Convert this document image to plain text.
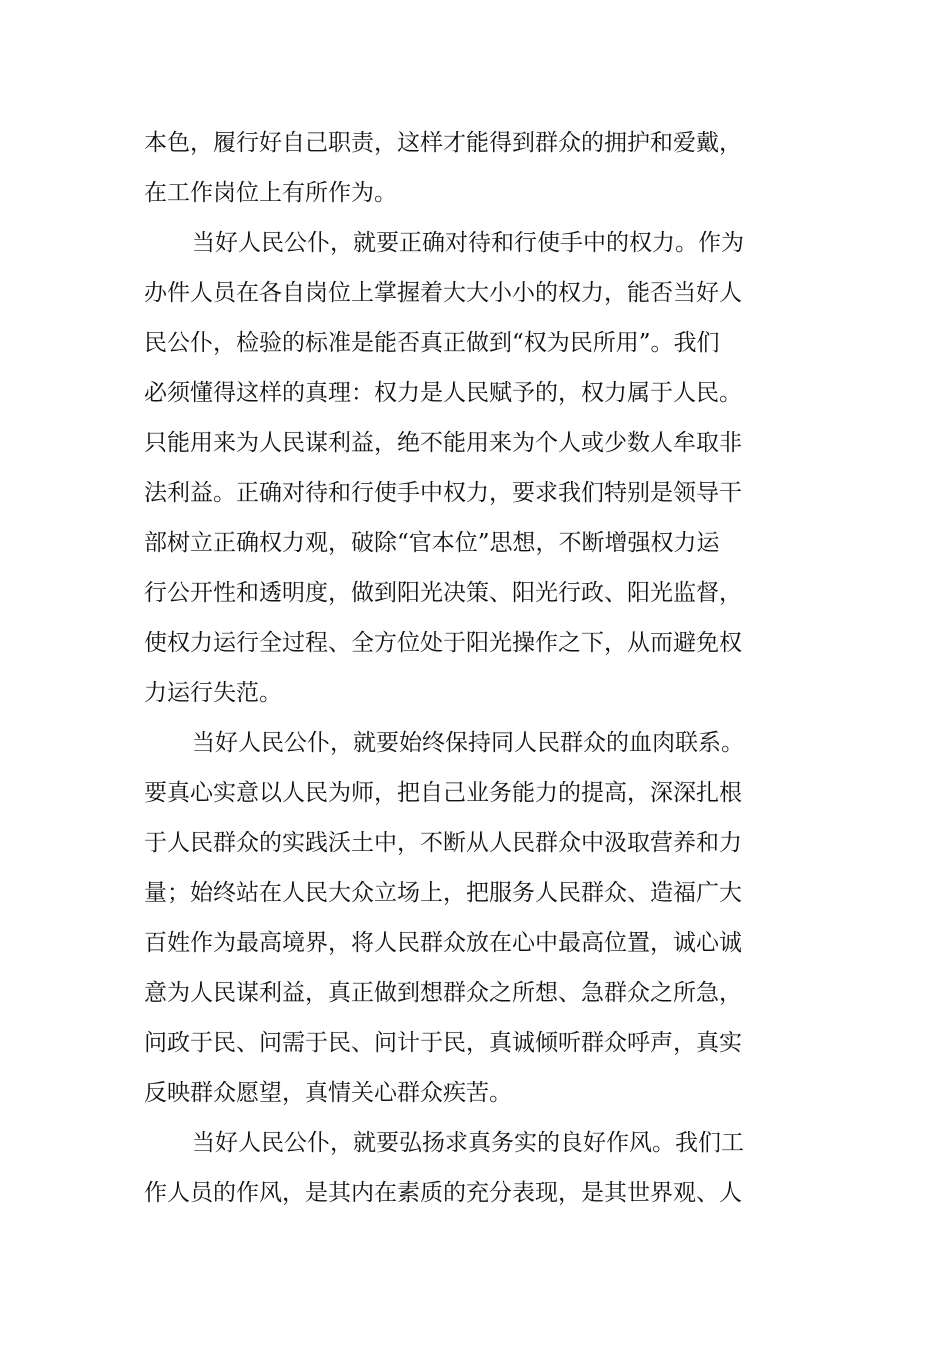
本色，履行好自己职责，这样才能得到群众的拥护和爱戴，
在工作岗位上有所作为。
当好人民公仆，就要正确对待和行使手中的权力。作为
办件人员在各自岗位上掌握着大大小小的权力，能否当好人
民公仆，检验的标准是能否真正做到“权为民所用”。我们
必须懂得这样的真理：权力是人民赋予的，权力属于人民。
只能用来为人民谋利益，绝不能用来为个人或少数人牟取非
法利益。正确对待和行使手中权力，要求我们特别是领导干
部树立正确权力观，破除“官本位”思想，不断增强权力运
行公开性和透明度，做到阳光决策、阳光行政、阳光监督，
使权力运行全过程、全方位处于阳光操作之下，从而避免权
力运行失范。
当好人民公仆，就要始终保持同人民群众的血肉联系。
要真心实意以人民为师，把自己业务能力的提高，深深扎根
于人民群众的实践沃土中，不断从人民群众中汲取营养和力
量；始终站在人民大众立场上，把服务人民群众、造福广大
百姓作为最高境界，将人民群众放在心中最高位置，诚心诚
意为人民谋利益，真正做到想群众之所想、急群众之所急，
问政于民、问需于民、问计于民，真诚倾听群众呼声，真实
反映群众愿望，真情关心群众疾苦。
当好人民公仆，就要弘扬求真务实的良好作风。我们工
作人员的作风，是其内在素质的充分表现，是其世界观、人
